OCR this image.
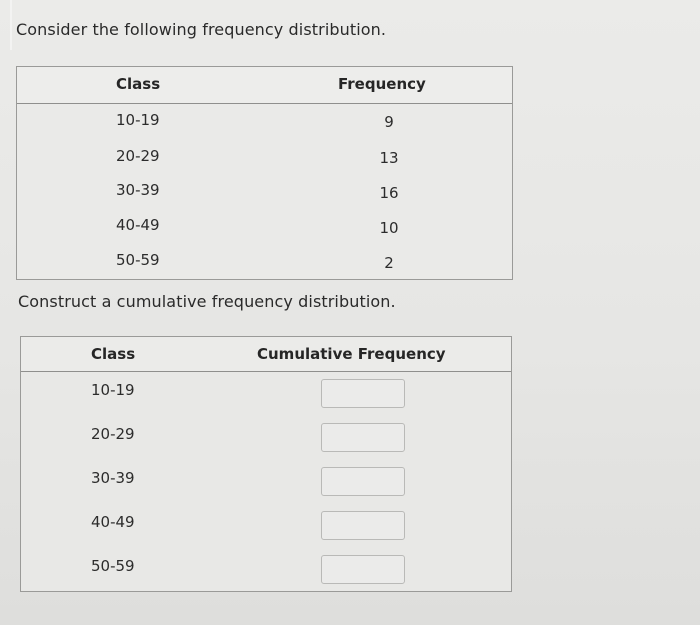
Consider the following frequency distribution.
Class	Frequency
10-19	9
20-29	13
30-39	16
40-49	10
50-59	2
Construct a cumulative frequency distribution.
Class	Cumulative Frequency
10-19
20-29
30-39
40-49
50-59
